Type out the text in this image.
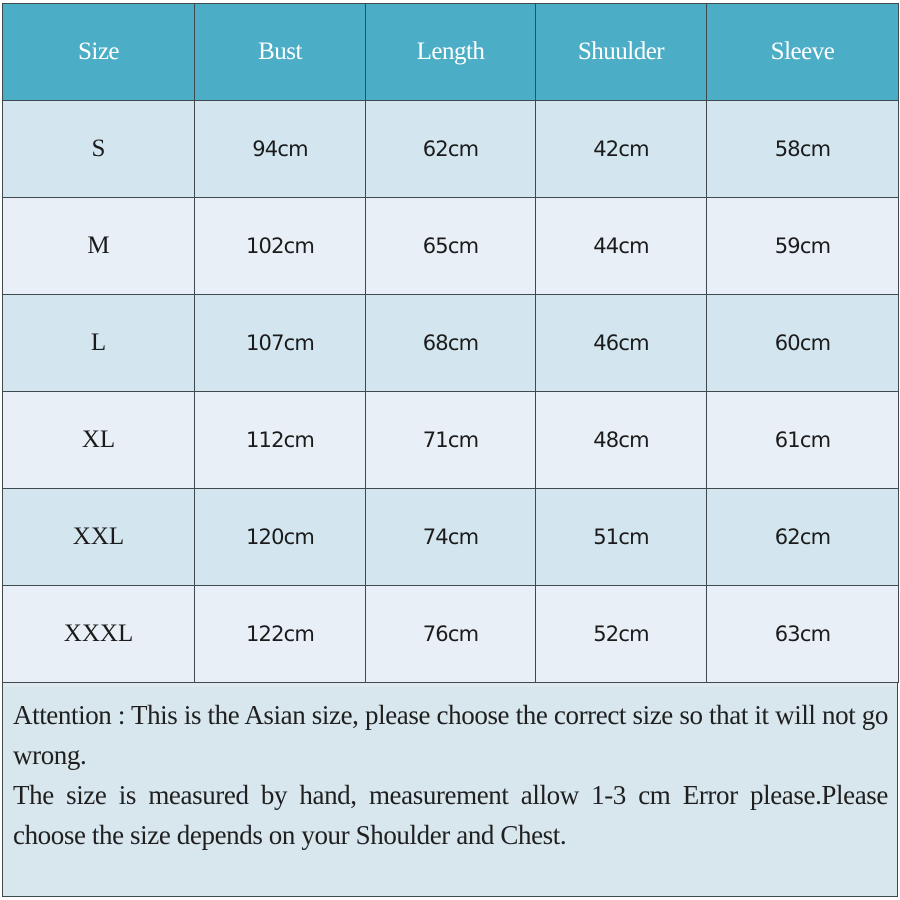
Size	Bust	Length	Shuulder	Sleeve
S	94cm	62cm	42cm	58cm
M	102cm	65cm	44cm	59cm
L	107cm	68cm	46cm	60cm
XL	112cm	71cm	48cm	61cm
XXL	120cm	74cm	51cm	62cm
XXXL	122cm	76cm	52cm	63cm

Attention : This is the Asian size, please choose the correct size so that it will not go wrong.

The size is measured by hand, measurement allow 1-3 cm Error please.Please choose the size depends on your Shoulder and Chest.
